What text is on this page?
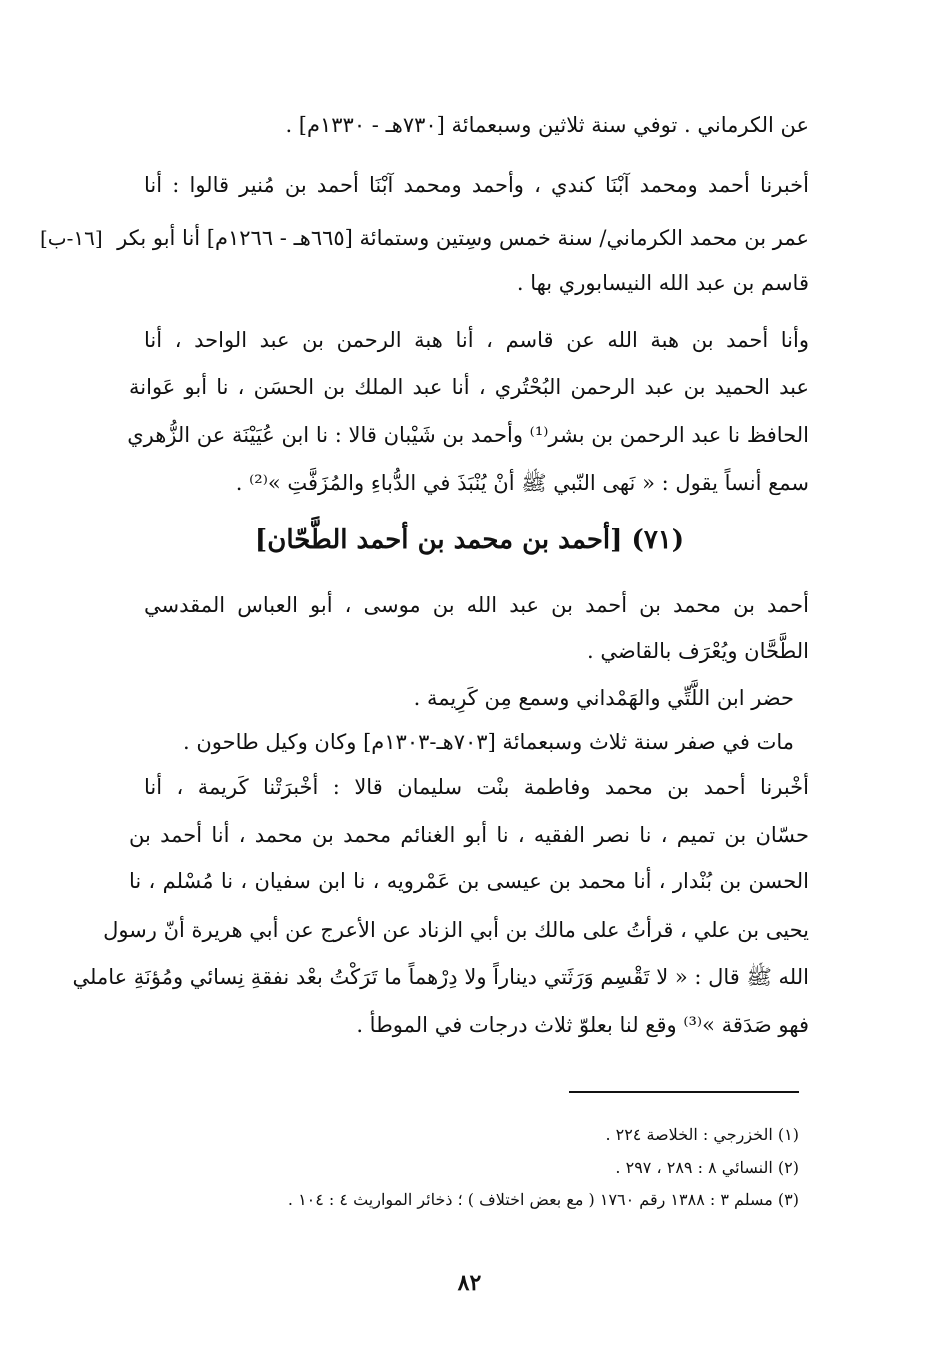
عن الكرماني . توفي سنة ثلاثين وسبعمائة [٧٣٠هـ - ١٣٣٠م] .
أخبرنا أحمد ومحمد آبْنَا كندي ، وأحمد ومحمد آبْنَا أحمد بن مُنير قالوا : أنا
عمر بن محمد الكرماني/ سنة خمس وسِتين وستمائة [٦٦٥هـ - ١٢٦٦م] أنا أبو بكر
[١٦-ب]
قاسم بن عبد الله النيسابوري بها .
وأنا أحمد بن هبة الله عن قاسم ، أنا هبة الرحمن بن عبد الواحد ، أنا
عبد الحميد بن عبد الرحمن البُحْتُري ، أنا عبد الملك بن الحسَن ، نا أبو عَوانة
الحافظ نا عبد الرحمن بن بشر⁽¹⁾ وأحمد بن شَيْبان قالا : نا ابن عُيَيْنَة عن الزُّهري
سمع أنساً يقول : « نَهى النّبي ﷺ أنْ يُنْبَذَ في الدُّباءِ والمُزَفَّتِ »⁽²⁾ .
(٧١) [أحمد بن محمد بن أحمد الطَّحّان]
أحمد بن محمد بن أحمد بن عبد الله بن موسى ، أبو العباس المقدسي
الطَّحَّان ويُعْرَف بالقاضي .
حضر ابن اللَّتِّي والهَمْداني وسمع مِن كَرِيمة .
مات في صفر سنة ثلاث وسبعمائة [٧٠٣هـ-١٣٠٣م] وكان وكيل طاحون .
أخْبرنا أحمد بن محمد وفاطمة بنْت سليمان قالا : أخْبرَتْنا كَريمة ، أنا
حسّان بن تميم ، نا نصر الفقيه ، نا أبو الغنائم محمد بن محمد ، أنا أحمد بن
الحسن بن بُنْدار ، أنا محمد بن عيسى بن عَمْرويه ، نا ابن سفيان ، نا مُسْلم ، نا
يحيى بن علي ، قرأتُ على مالك بن أبي الزناد عن الأعرج عن أبي هريرة أنّ رسول
الله ﷺ قال : « لا تَقْسِم وَرَثَتي ديناراً ولا دِرْهماً ما تَرَكْتُ بعْد نفقةِ نِسائي ومُؤنَةِ عاملي
فهو صَدَقة »⁽³⁾ وقع لنا بعلوّ ثلاث درجات في الموطأ .
(١) الخزرجي : الخلاصة ٢٢٤ .
(٢) النسائي ٨ : ٢٨٩ ، ٢٩٧ .
(٣) مسلم ٣ : ١٣٨٨ رقم ١٧٦٠ ( مع بعض اختلاف ) ؛ ذخائر المواريث ٤ : ١٠٤ .
٨٢
